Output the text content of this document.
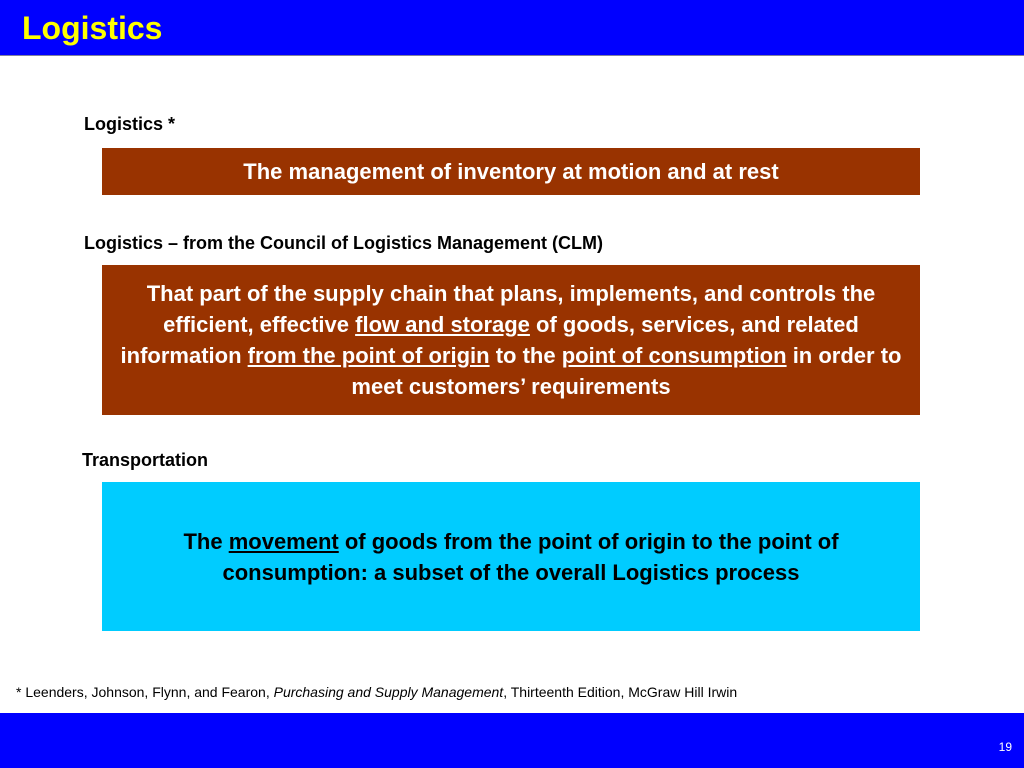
Logistics
Logistics *
The management of inventory at motion and at rest
Logistics – from the Council of Logistics Management (CLM)
That part of the supply chain that plans, implements, and controls the efficient, effective flow and storage of goods, services, and related information from the point of origin to the point of consumption in order to meet customers’ requirements
Transportation
The movement of goods from the point of origin to the point of consumption: a subset of the overall Logistics process
* Leenders, Johnson, Flynn, and Fearon, Purchasing and Supply Management, Thirteenth Edition, McGraw Hill Irwin
19
